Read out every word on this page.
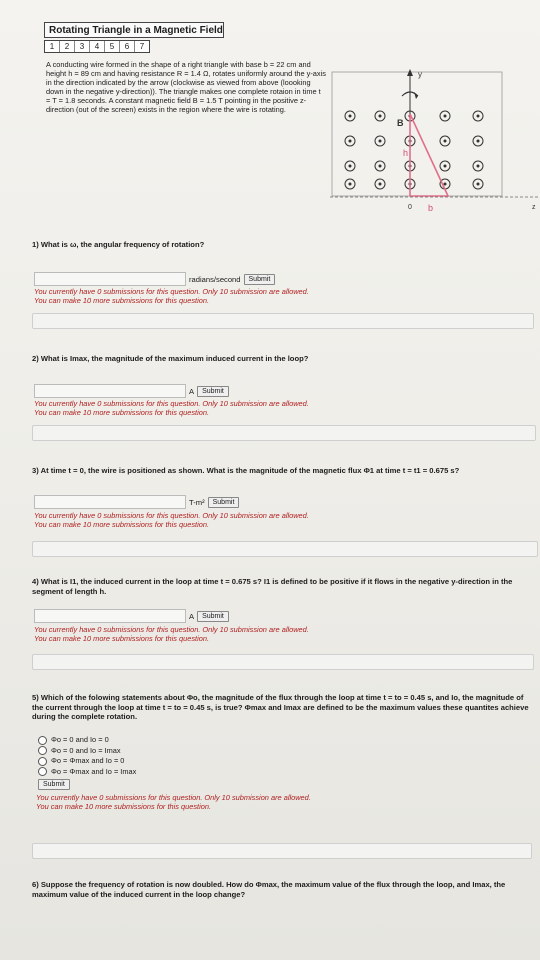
Rotating Triangle in a Magnetic Field
1	2	3	4	5	6	7
A conducting wire formed in the shape of a right triangle with base b = 22 cm and height h = 89 cm and having resistance R = 1.4 Ω, rotates uniformly around the y-axis in the direction indicated by the arrow (clockwise as viewed from above (loooking down in the negative y-direction)). The triangle makes one complete rotaion in time t = T = 1.8 seconds. A constant magnetic field B = 1.5 T pointing in the positive z-direction (out of the screen) exists in the region where the wire is rotating.
y
B
h
b
0	z
1) What is ω, the angular frequency of rotation?
radians/second	Submit
You currently have 0 submissions for this question. Only 10 submission are allowed.
You can make 10 more submissions for this question.
2) What is Imax, the magnitude of the maximum induced current in the loop?
A	Submit
You currently have 0 submissions for this question. Only 10 submission are allowed.
You can make 10 more submissions for this question.
3) At time t = 0, the wire is positioned as shown. What is the magnitude of the magnetic flux Φ1 at time t = t1 = 0.675 s?
T-m²	Submit
You currently have 0 submissions for this question. Only 10 submission are allowed.
You can make 10 more submissions for this question.
4) What is I1, the induced current in the loop at time t = 0.675 s? I1 is defined to be positive if it flows in the negative y-direction in the segment of length h.
A	Submit
You currently have 0 submissions for this question. Only 10 submission are allowed.
You can make 10 more submissions for this question.
5) Which of the folowing statements about Φo, the magnitude of the flux through the loop at time t = to = 0.45 s, and Io, the magnitude of the current through the loop at time t = to = 0.45 s, is true? Φmax and Imax are defined to be the maximum values these quantites achieve during the complete rotation.
Φo = 0 and Io = 0
Φo = 0 and Io = Imax
Φo = Φmax and Io = 0
Φo = Φmax and Io = Imax
Submit
You currently have 0 submissions for this question. Only 10 submission are allowed.
You can make 10 more submissions for this question.
6) Suppose the frequency of rotation is now doubled. How do Φmax, the maximum value of the flux through the loop, and Imax, the maximum value of the induced current in the loop change?
